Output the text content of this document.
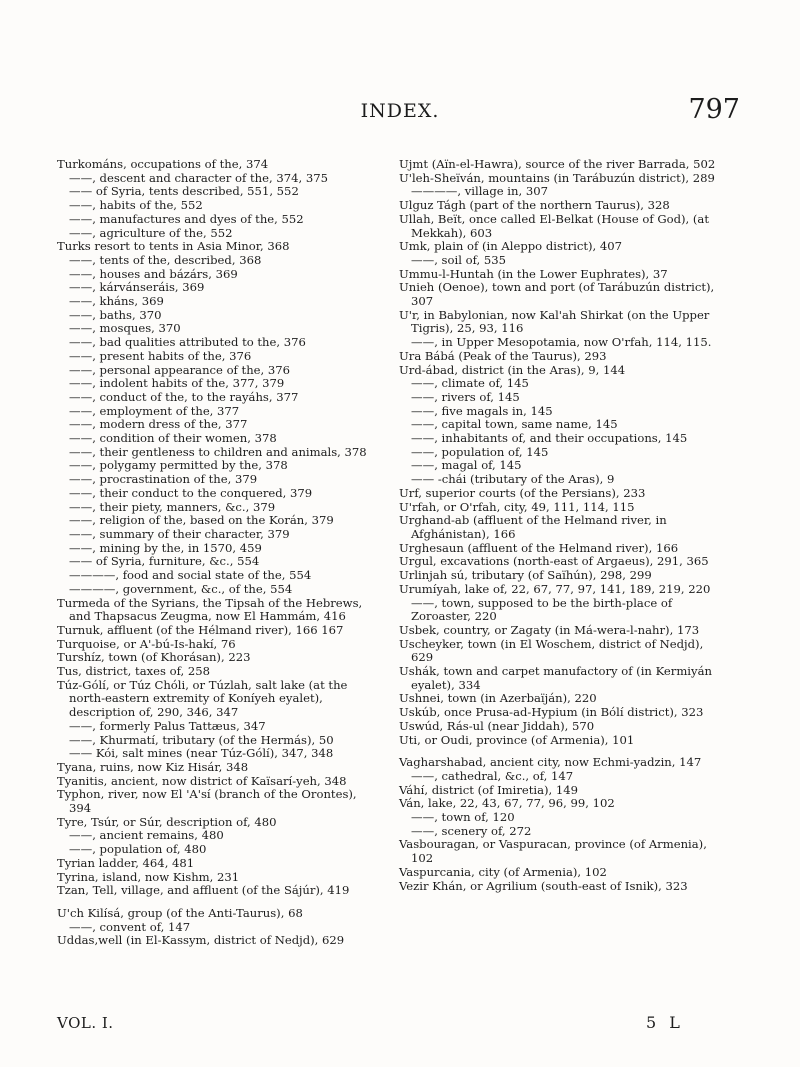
INDEX.	797
Turkománs, occupations of the, 374
——, descent and character of the, 374, 375
—— of Syria, tents described, 551, 552
——, habits of the, 552
——, manufactures and dyes of the, 552
——, agriculture of the, 552
Turks resort to tents in Asia Minor, 368
——, tents of the, described, 368
——, houses and bázárs, 369
——, kárvánseráis, 369
——, kháns, 369
——, baths, 370
——, mosques, 370
——, bad qualities attributed to the, 376
——, present habits of the, 376
——, personal appearance of the, 376
——, indolent habits of the, 377, 379
——, conduct of the, to the rayáhs, 377
——, employment of the, 377
——, modern dress of the, 377
——, condition of their women, 378
——, their gentleness to children and animals, 378
——, polygamy permitted by the, 378
——, procrastination of the, 379
——, their conduct to the conquered, 379
——, their piety, manners, &c., 379
——, religion of the, based on the Korán, 379
——, summary of their character, 379
——, mining by the, in 1570, 459
—— of Syria, furniture, &c., 554
————, food and social state of the, 554
————, government, &c., of the, 554
Turmeda of the Syrians, the Tipsah of the Hebrews, and Thapsacus Zeugma, now El Hammám, 416
Turnuk, affluent (of the Hélmand river), 166 167
Turquoise, or A'-bú-Is-hakí, 76
Turshíz, town (of Khorásan), 223
Tus, district, taxes of, 258
Túz-Gólí, or Túz Chóli, or Túzlah, salt lake (at the north-eastern extremity of Koníyeh eyalet), description of, 290, 346, 347
——, formerly Palus Tattæus, 347
——, Khurmatí, tributary (of the Hermás), 50
—— Kói, salt mines (near Túz-Gólí), 347, 348
Tyana, ruins, now Kiz Hisár, 348
Tyanitis, ancient, now district of Kaïsarí-yeh, 348
Typhon, river, now El 'A'sí (branch of the Orontes), 394
Tyre, Tsúr, or Súr, description of, 480
——, ancient remains, 480
——, population of, 480
Tyrian ladder, 464, 481
Tyrina, island, now Kishm, 231
Tzan, Tell, village, and affluent (of the Sájúr), 419
U'ch Kilísá, group (of the Anti-Taurus), 68
——, convent of, 147
Uddas,well (in El-Kassym, district of Nedjd), 629
Ujmt (Aïn-el-Hawra), source of the river Barrada, 502
U'leh-Sheïván, mountains (in Tarábuzún district), 289
————, village in, 307
Ulguz Tágh (part of the northern Taurus), 328
Ullah, Beït, once called El-Belkat (House of God), (at Mekkah), 603
Umk, plain of (in Aleppo district), 407
——, soil of, 535
Ummu-l-Huntah (in the Lower Euphrates), 37
Unieh (Oenoe), town and port (of Tarábuzún district), 307
U'r, in Babylonian, now Kal'ah Shirkat (on the Upper Tigris), 25, 93, 116
——, in Upper Mesopotamia, now O'rfah, 114, 115.
Ura Bábá (Peak of the Taurus), 293
Urd-ábad, district (in the Aras), 9, 144
——, climate of, 145
——, rivers of, 145
——, five magals in, 145
——, capital town, same name, 145
——, inhabitants of, and their occupations, 145
——, population of, 145
——, magal of, 145
—— -chái (tributary of the Aras), 9
Urf, superior courts (of the Persians), 233
U'rfah, or O'rfah, city, 49, 111, 114, 115
Urghand-ab (affluent of the Helmand river, in Afghánistan), 166
Urghesaun (affluent of the Helmand river), 166
Urgul, excavations (north-east of Argaeus), 291, 365
Urlinjah sú, tributary (of Saïhún), 298, 299
Urumíyah, lake of, 22, 67, 77, 97, 141, 189, 219, 220
——, town, supposed to be the birth-place of Zoroaster, 220
Usbek, country, or Zagaty (in Má-wera-l-nahr), 173
Uscheyker, town (in El Woschem, district of Nedjd), 629
Ushák, town and carpet manufactory of (in Kermiyán eyalet), 334
Ushnei, town (in Azerbaïján), 220
Uskúb, once Prusa-ad-Hypium (in Bólí district), 323
Uswúd, Rás-ul (near Jiddah), 570
Uti, or Oudi, province (of Armenia), 101
Vagharshabad, ancient city, now Echmi-yadzin, 147
——, cathedral, &c., of, 147
Váhí, district (of Imiretia), 149
Ván, lake, 22, 43, 67, 77, 96, 99, 102
——, town of, 120
——, scenery of, 272
Vasbouragan, or Vaspuracan, province (of Armenia), 102
Vaspurcania, city (of Armenia), 102
Vezir Khán, or Agrilium (south-east of Isnik), 323
VOL. I.	5 L
